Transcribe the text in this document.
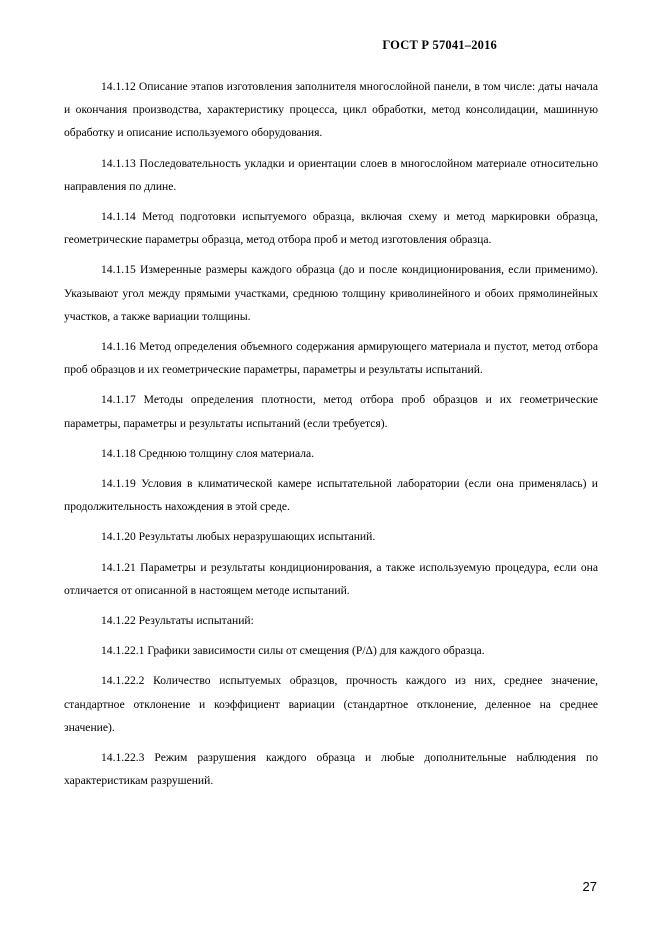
ГОСТ Р 57041–2016

14.1.12 Описание этапов изготовления заполнителя многослойной панели, в том числе: даты начала и окончания производства, характеристику процесса, цикл обработки, метод консолидации, машинную обработку и описание используемого оборудования.

14.1.13 Последовательность укладки и ориентации слоев в многослойном материале относительно направления по длине.

14.1.14 Метод подготовки испытуемого образца, включая схему и метод маркировки образца, геометрические параметры образца, метод отбора проб и метод изготовления образца.

14.1.15 Измеренные размеры каждого образца (до и после кондиционирования, если применимо). Указывают угол между прямыми участками, среднюю толщину криволинейного и обоих прямолинейных участков, а также вариации толщины.

14.1.16 Метод определения объемного содержания армирующего материала и пустот, метод отбора проб образцов и их геометрические параметры, параметры и результаты испытаний.

14.1.17 Методы определения плотности, метод отбора проб образцов и их геометрические параметры, параметры и результаты испытаний (если требуется).

14.1.18 Среднюю толщину слоя материала.

14.1.19 Условия в климатической камере испытательной лаборатории (если она применялась) и продолжительность нахождения в этой среде.

14.1.20 Результаты любых неразрушающих испытаний.

14.1.21 Параметры и результаты кондиционирования, а также используемую процедура, если она отличается от описанной в настоящем методе испытаний.

14.1.22 Результаты испытаний:

14.1.22.1 Графики зависимости силы от смещения (P/Δ) для каждого образца.

14.1.22.2 Количество испытуемых образцов, прочность каждого из них, среднее значение, стандартное отклонение и коэффициент вариации (стандартное отклонение, деленное на среднее значение).

14.1.22.3 Режим разрушения каждого образца и любые дополнительные наблюдения по характеристикам разрушений.

27
